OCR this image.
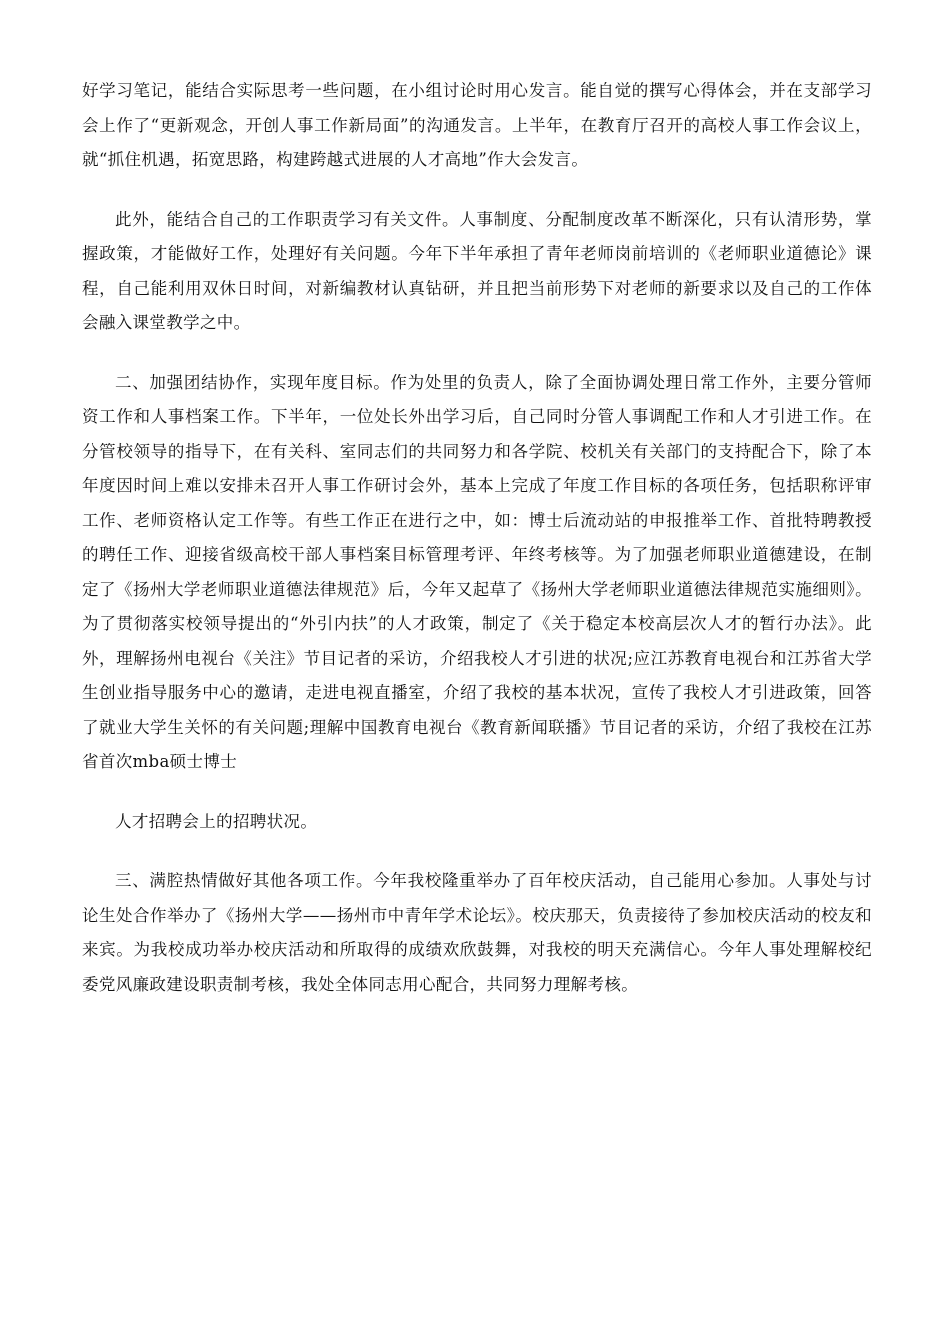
好学习笔记，能结合实际思考一些问题，在小组讨论时用心发言。能自觉的撰写心得体会，并在支部学习会上作了“更新观念，开创人事工作新局面”的沟通发言。上半年，在教育厅召开的高校人事工作会议上，就“抓住机遇，拓宽思路，构建跨越式进展的人才高地”作大会发言。

此外，能结合自己的工作职责学习有关文件。人事制度、分配制度改革不断深化，只有认清形势，掌握政策，才能做好工作，处理好有关问题。今年下半年承担了青年老师岗前培训的《老师职业道德论》课程，自己能利用双休日时间，对新编教材认真钻研，并且把当前形势下对老师的新要求以及自己的工作体会融入课堂教学之中。

二、加强团结协作，实现年度目标。作为处里的负责人，除了全面协调处理日常工作外，主要分管师资工作和人事档案工作。下半年，一位处长外出学习后，自己同时分管人事调配工作和人才引进工作。在分管校领导的指导下，在有关科、室同志们的共同努力和各学院、校机关有关部门的支持配合下，除了本年度因时间上难以安排未召开人事工作研讨会外，基本上完成了年度工作目标的各项任务，包括职称评审工作、老师资格认定工作等。有些工作正在进行之中，如：博士后流动站的申报推举工作、首批特聘教授的聘任工作、迎接省级高校干部人事档案目标管理考评、年终考核等。为了加强老师职业道德建设，在制定了《扬州大学老师职业道德法律规范》后，今年又起草了《扬州大学老师职业道德法律规范实施细则》。为了贯彻落实校领导提出的“外引内扶”的人才政策，制定了《关于稳定本校高层次人才的暂行办法》。此外，理解扬州电视台《关注》节目记者的采访，介绍我校人才引进的状况;应江苏教育电视台和江苏省大学生创业指导服务中心的邀请，走进电视直播室，介绍了我校的基本状况，宣传了我校人才引进政策，回答了就业大学生关怀的有关问题;理解中国教育电视台《教育新闻联播》节目记者的采访，介绍了我校在江苏省首次mba硕士博士

人才招聘会上的招聘状况。

三、满腔热情做好其他各项工作。今年我校隆重举办了百年校庆活动，自己能用心参加。人事处与讨论生处合作举办了《扬州大学——扬州市中青年学术论坛》。校庆那天，负责接待了参加校庆活动的校友和来宾。为我校成功举办校庆活动和所取得的成绩欢欣鼓舞，对我校的明天充满信心。今年人事处理解校纪委党风廉政建设职责制考核，我处全体同志用心配合，共同努力理解考核。
